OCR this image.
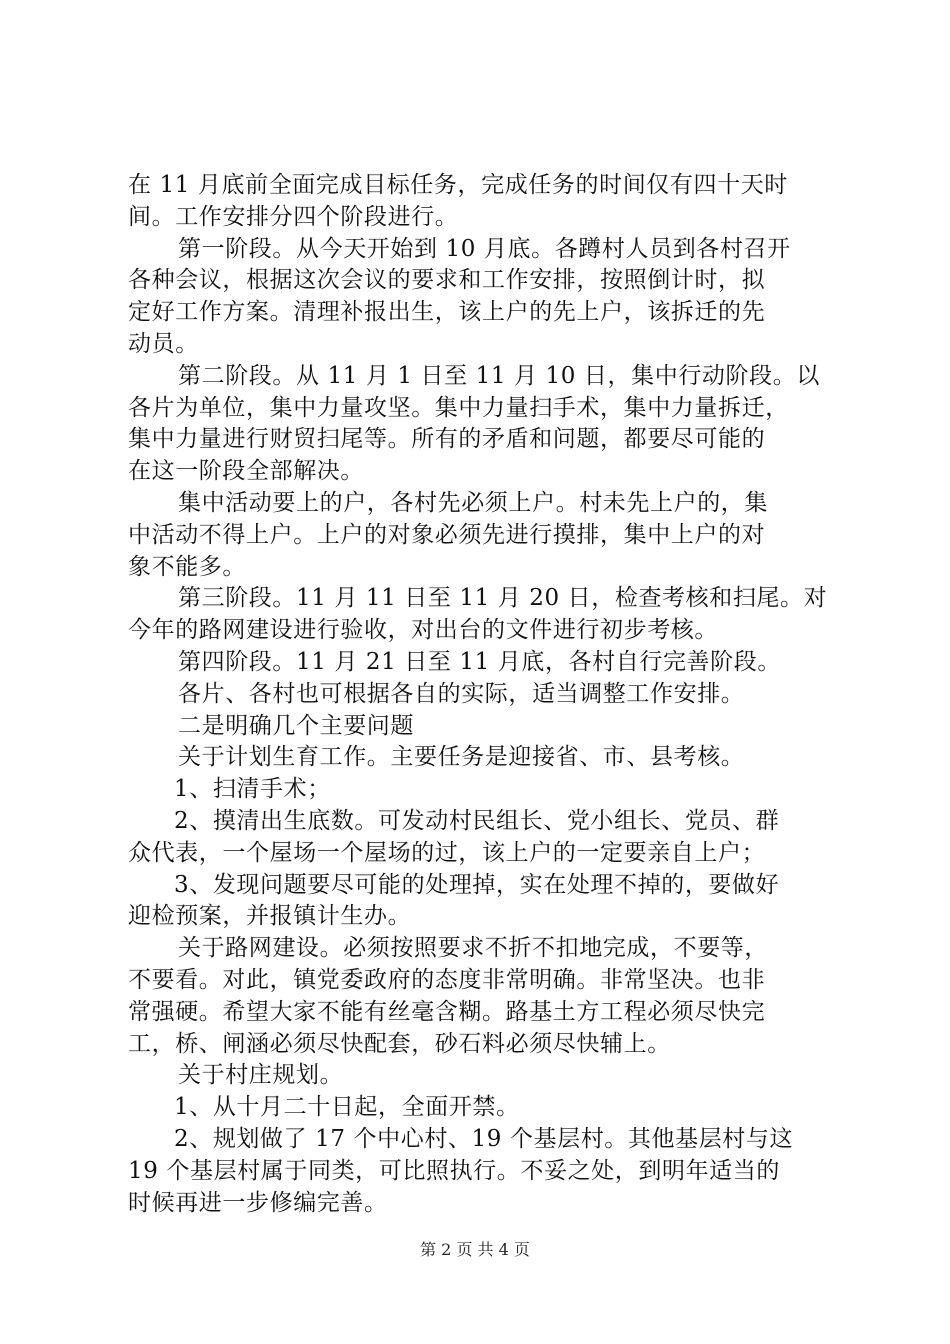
在 11 月底前全面完成目标任务，完成任务的时间仅有四十天时
间。工作安排分四个阶段进行。
第一阶段。从今天开始到 10 月底。各蹲村人员到各村召开
各种会议，根据这次会议的要求和工作安排，按照倒计时，拟
定好工作方案。清理补报出生，该上户的先上户，该拆迁的先
动员。
第二阶段。从 11 月 1 日至 11 月 10 日，集中行动阶段。以
各片为单位，集中力量攻坚。集中力量扫手术，集中力量拆迁，
集中力量进行财贸扫尾等。所有的矛盾和问题，都要尽可能的
在这一阶段全部解决。
集中活动要上的户，各村先必须上户。村未先上户的，集
中活动不得上户。上户的对象必须先进行摸排，集中上户的对
象不能多。
第三阶段。11 月 11 日至 11 月 20 日，检查考核和扫尾。对
今年的路网建设进行验收，对出台的文件进行初步考核。
第四阶段。11 月 21 日至 11 月底，各村自行完善阶段。
各片、各村也可根据各自的实际，适当调整工作安排。
二是明确几个主要问题
关于计划生育工作。主要任务是迎接省、市、县考核。
1、扫清手术；
2、摸清出生底数。可发动村民组长、党小组长、党员、群
众代表，一个屋场一个屋场的过，该上户的一定要亲自上户；
3、发现问题要尽可能的处理掉，实在处理不掉的，要做好
迎检预案，并报镇计生办。
关于路网建设。必须按照要求不折不扣地完成，不要等，
不要看。对此，镇党委政府的态度非常明确。非常坚决。也非
常强硬。希望大家不能有丝毫含糊。路基土方工程必须尽快完
工，桥、闸涵必须尽快配套，砂石料必须尽快辅上。
关于村庄规划。
1、从十月二十日起，全面开禁。
2、规划做了 17 个中心村、19 个基层村。其他基层村与这
19 个基层村属于同类，可比照执行。不妥之处，到明年适当的
时候再进一步修编完善。
第 2 页 共 4 页
